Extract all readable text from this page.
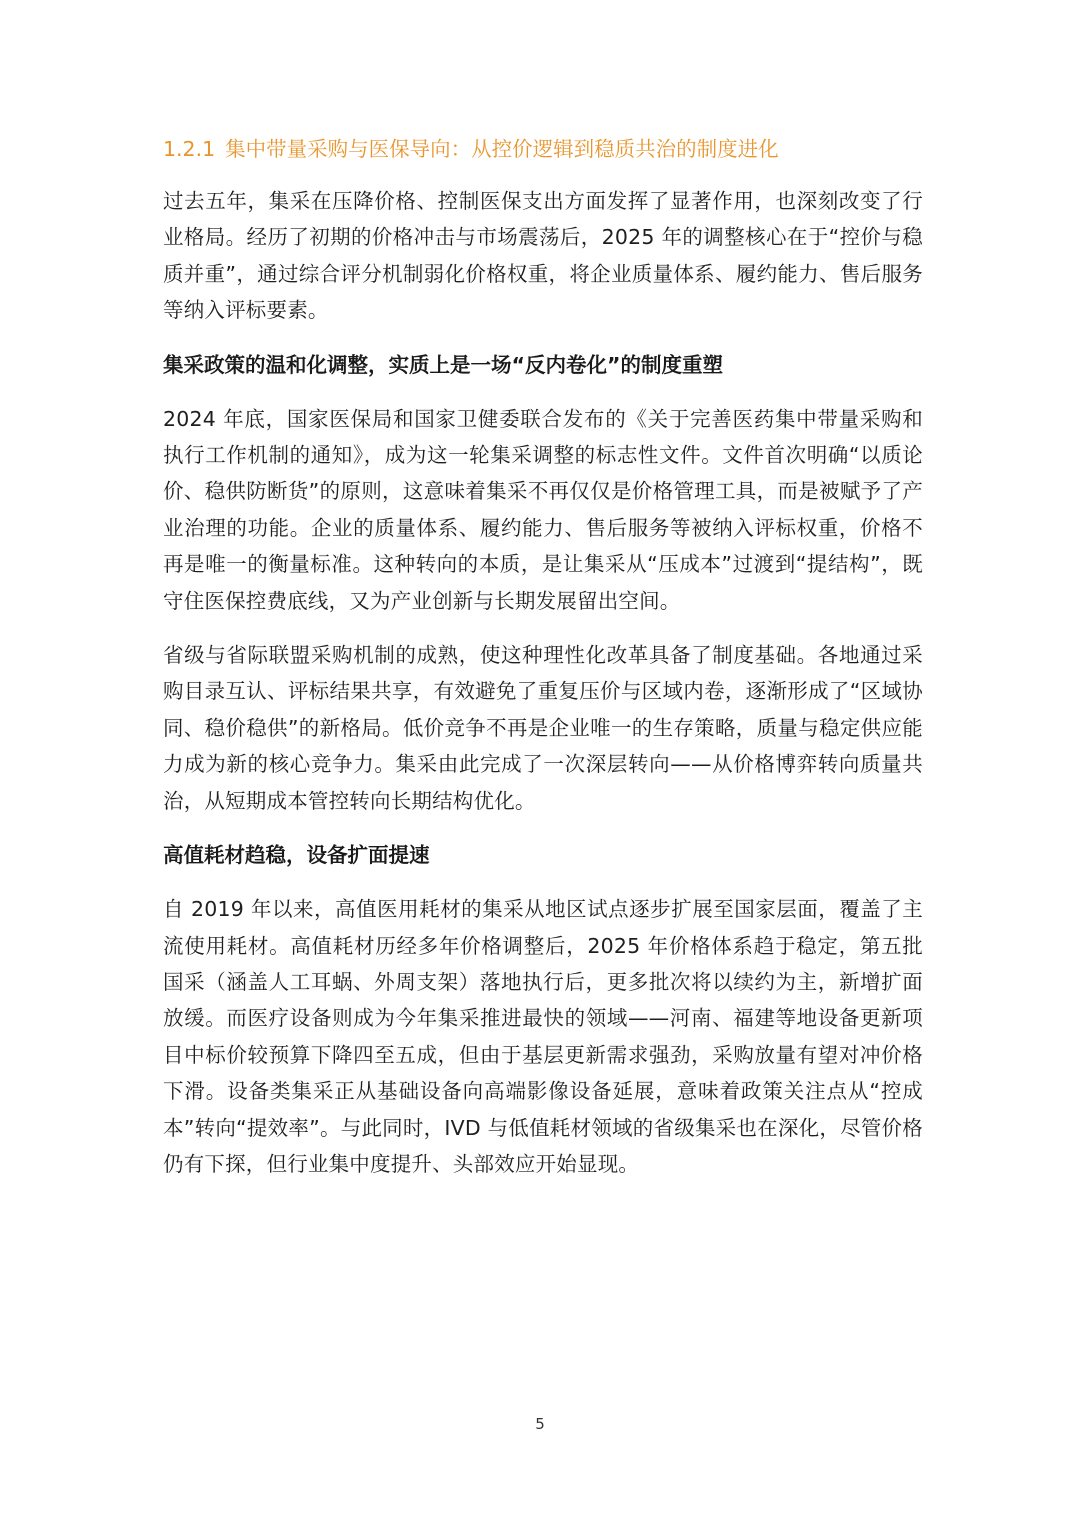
1.2.1 集中带量采购与医保导向：从控价逻辑到稳质共治的制度进化

过去五年，集采在压降价格、控制医保支出方面发挥了显著作用，也深刻改变了行业格局。经历了初期的价格冲击与市场震荡后，2025 年的调整核心在于“控价与稳质并重”，通过综合评分机制弱化价格权重，将企业质量体系、履约能力、售后服务等纳入评标要素。

集采政策的温和化调整，实质上是一场“反内卷化”的制度重塑

2024 年底，国家医保局和国家卫健委联合发布的《关于完善医药集中带量采购和执行工作机制的通知》，成为这一轮集采调整的标志性文件。文件首次明确“以质论价、稳供防断货”的原则，这意味着集采不再仅仅是价格管理工具，而是被赋予了产业治理的功能。企业的质量体系、履约能力、售后服务等被纳入评标权重，价格不再是唯一的衡量标准。这种转向的本质，是让集采从“压成本”过渡到“提结构”，既守住医保控费底线，又为产业创新与长期发展留出空间。

省级与省际联盟采购机制的成熟，使这种理性化改革具备了制度基础。各地通过采购目录互认、评标结果共享，有效避免了重复压价与区域内卷，逐渐形成了“区域协同、稳价稳供”的新格局。低价竞争不再是企业唯一的生存策略，质量与稳定供应能力成为新的核心竞争力。集采由此完成了一次深层转向——从价格博弈转向质量共治，从短期成本管控转向长期结构优化。

高值耗材趋稳，设备扩面提速

自 2019 年以来，高值医用耗材的集采从地区试点逐步扩展至国家层面，覆盖了主流使用耗材。高值耗材历经多年价格调整后，2025 年价格体系趋于稳定，第五批国采（涵盖人工耳蜗、外周支架）落地执行后，更多批次将以续约为主，新增扩面放缓。而医疗设备则成为今年集采推进最快的领域——河南、福建等地设备更新项目中标价较预算下降四至五成，但由于基层更新需求强劲，采购放量有望对冲价格下滑。设备类集采正从基础设备向高端影像设备延展，意味着政策关注点从“控成本”转向“提效率”。与此同时，IVD 与低值耗材领域的省级集采也在深化，尽管价格仍有下探，但行业集中度提升、头部效应开始显现。

5
